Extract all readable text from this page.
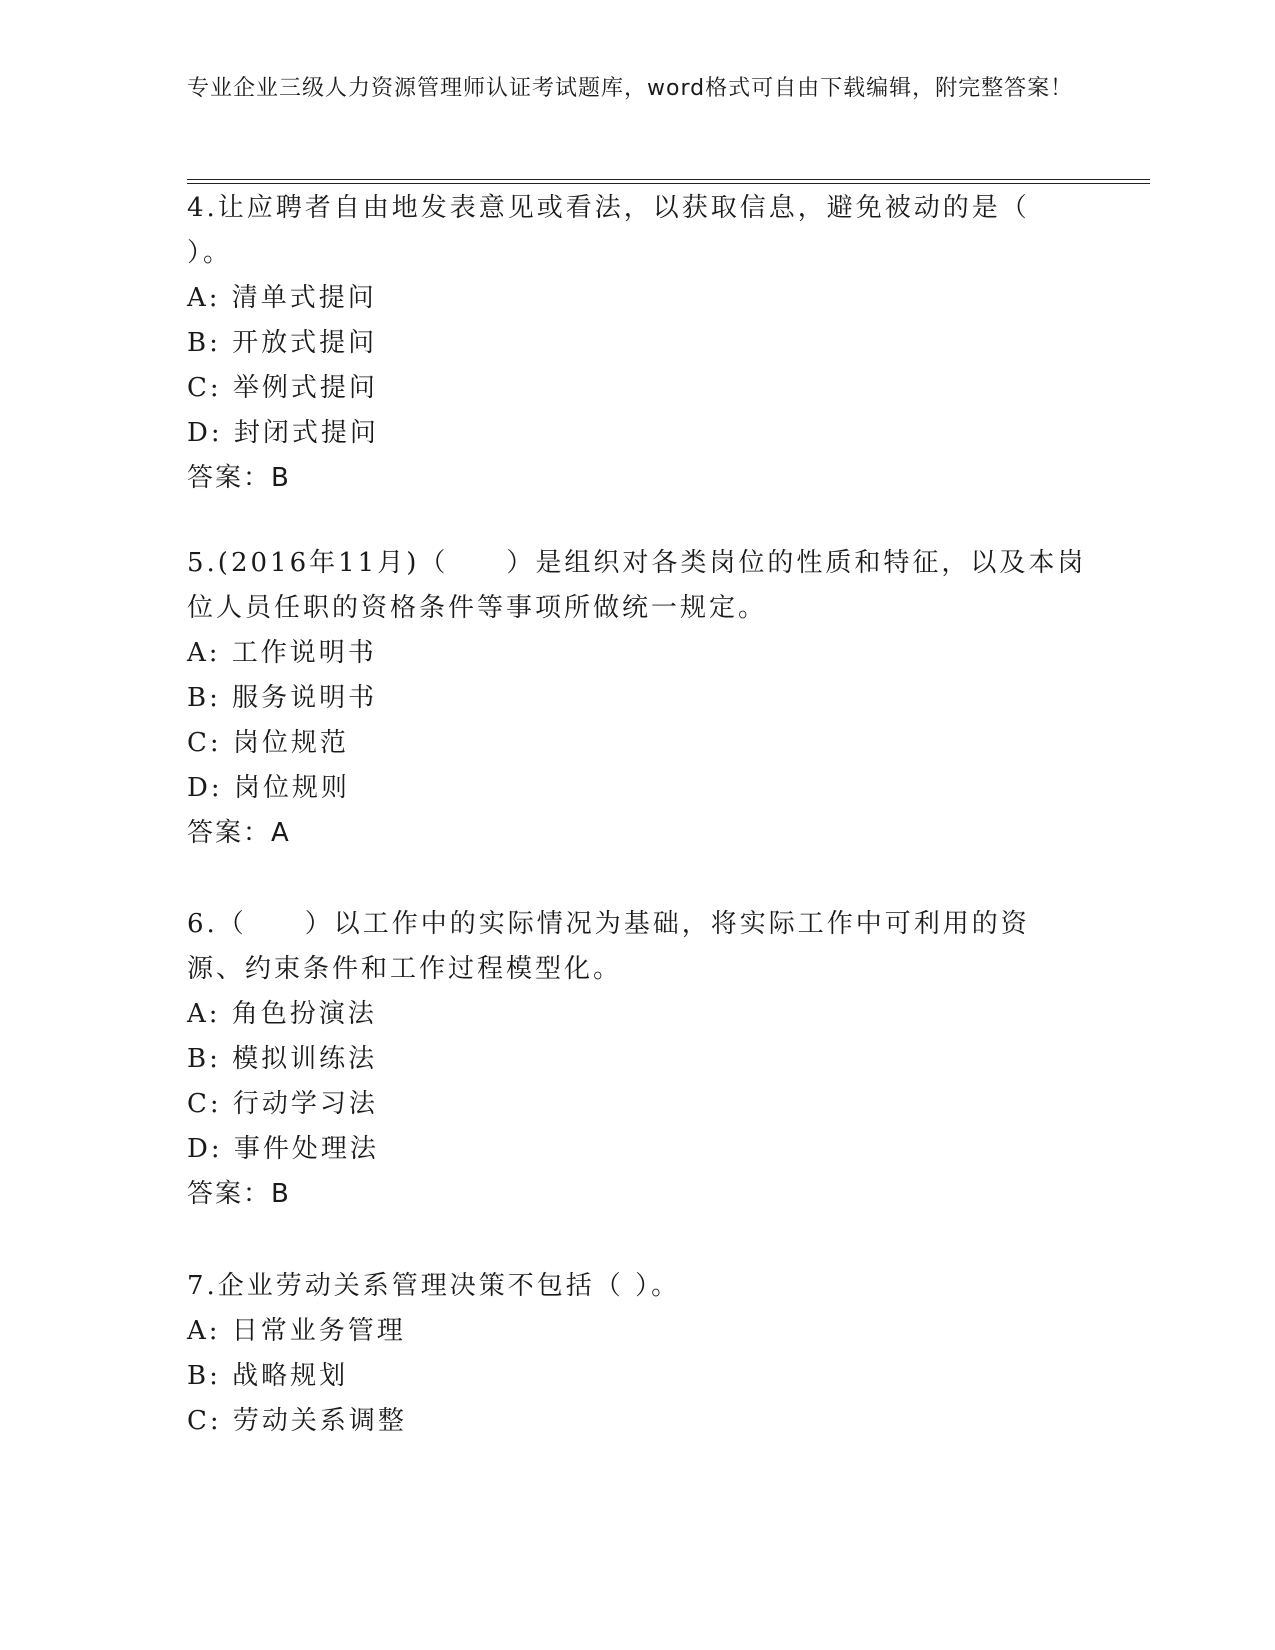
专业企业三级人力资源管理师认证考试题库，word格式可自由下载编辑，附完整答案！
4.让应聘者自由地发表意见或看法，以获取信息，避免被动的是（
）。
A: 清单式提问
B: 开放式提问
C: 举例式提问
D: 封闭式提问
答案：B
5.(2016年11月)（　　）是组织对各类岗位的性质和特征，以及本岗位人员任职的资格条件等事项所做统一规定。
A: 工作说明书
B: 服务说明书
C: 岗位规范
D: 岗位规则
答案：A
6.（　　）以工作中的实际情况为基础，将实际工作中可利用的资源、约束条件和工作过程模型化。
A: 角色扮演法
B: 模拟训练法
C: 行动学习法
D: 事件处理法
答案：B
7.企业劳动关系管理决策不包括（ ）。
A: 日常业务管理
B: 战略规划
C: 劳动关系调整
